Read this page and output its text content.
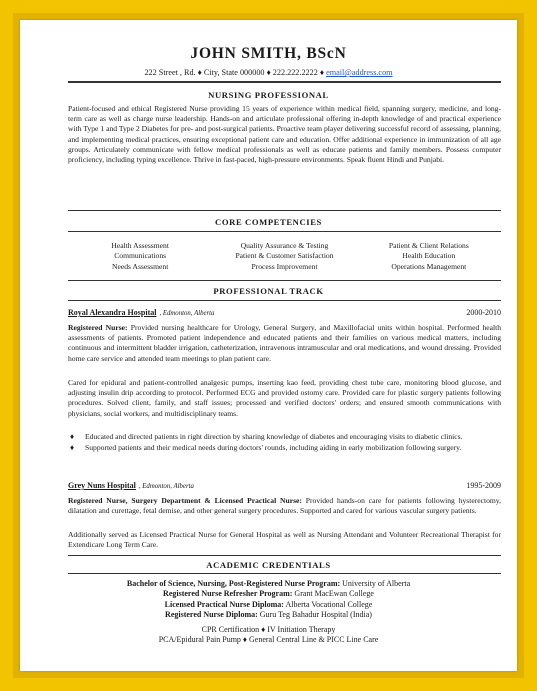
JOHN SMITH, BScN
222 Street , Rd. ♦ City, State 000000 ♦ 222.222.2222 ♦ email@address.com
NURSING PROFESSIONAL
Patient-focused and ethical Registered Nurse providing 15 years of experience within medical field, spanning surgery, medicine, and long-term care as well as charge nurse leadership. Hands-on and articulate professional offering in-depth knowledge of and practical experience with Type 1 and Type 2 Diabetes for pre- and post-surgical patients. Proactive team player delivering successful record of assessing, planning, and implementing medical practices, ensuring exceptional patient care and education. Offer additional experience in immunization of all age groups. Articulately communicate with fellow medical professionals as well as educate patients and family members. Possess computer proficiency, including typing excellence. Thrive in fast-paced, high-pressure environments. Speak fluent Hindi and Punjabi.
CORE COMPETENCIES
Health Assessment	Quality Assurance & Testing	Patient & Client Relations
Communications	Patient & Customer Satisfaction	Health Education
Needs Assessment	Process Improvement	Operations Management
PROFESSIONAL TRACK
Royal Alexandra Hospital , Edmonton, Alberta	2000-2010
Registered Nurse: Provided nursing healthcare for Urology, General Surgery, and Maxillofacial units within hospital. Performed health assessments of patients. Promoted patient independence and educated patients and their families on various medical matters, including continuous and intermittent bladder irrigation, catheterization, intravenous intramuscular and oral medications, and wound dressing. Provided home care service and attended team meetings to plan patient care.
Cared for epidural and patient-controlled analgesic pumps, inserting kao feed, providing chest tube care, monitoring blood glucose, and adjusting insulin drip according to protocol. Performed ECG and provided ostomy care. Provided care for plastic surgery patients following procedures. Solved client, family, and staff issues; processed and verified doctors' orders; and ensured smooth communications with physicians, social workers, and multidisciplinary teams.
♦ Educated and directed patients in right direction by sharing knowledge of diabetes and encouraging visits to diabetic clinics.
♦ Supported patients and their medical needs during doctors' rounds, including aiding in early mobilization following surgery.
Grey Nuns Hospital , Edmonton, Alberta	1995-2009
Registered Nurse, Surgery Department & Licensed Practical Nurse: Provided hands-on care for patients following hysterectomy, dilatation and curettage, fetal demise, and other general surgery procedures. Supported and cared for various vascular surgery patients.
Additionally served as Licensed Practical Nurse for General Hospital as well as Nursing Attendant and Volunteer Recreational Therapist for Extendicare Long Term Care.
ACADEMIC CREDENTIALS
Bachelor of Science, Nursing, Post-Registered Nurse Program: University of Alberta
Registered Nurse Refresher Program: Grant MacEwan College
Licensed Practical Nurse Diploma: Alberta Vocational College
Registered Nurse Diploma: Guru Teg Bahadur Hospital (India)
CPR Certification ♦ IV Initiation Therapy
PCA/Epidural Pain Pump ♦ General Central Line & PICC Line Care
